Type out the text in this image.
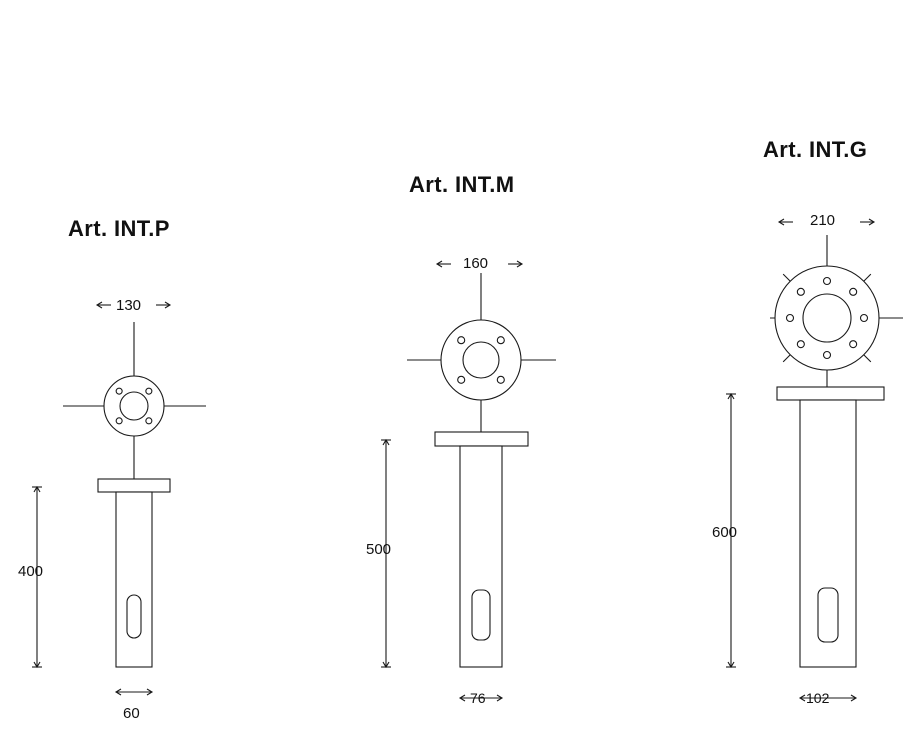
Art. INT.P
Art. INT.M
Art. INT.G
130
400
60
160
500
76
210
600
102
